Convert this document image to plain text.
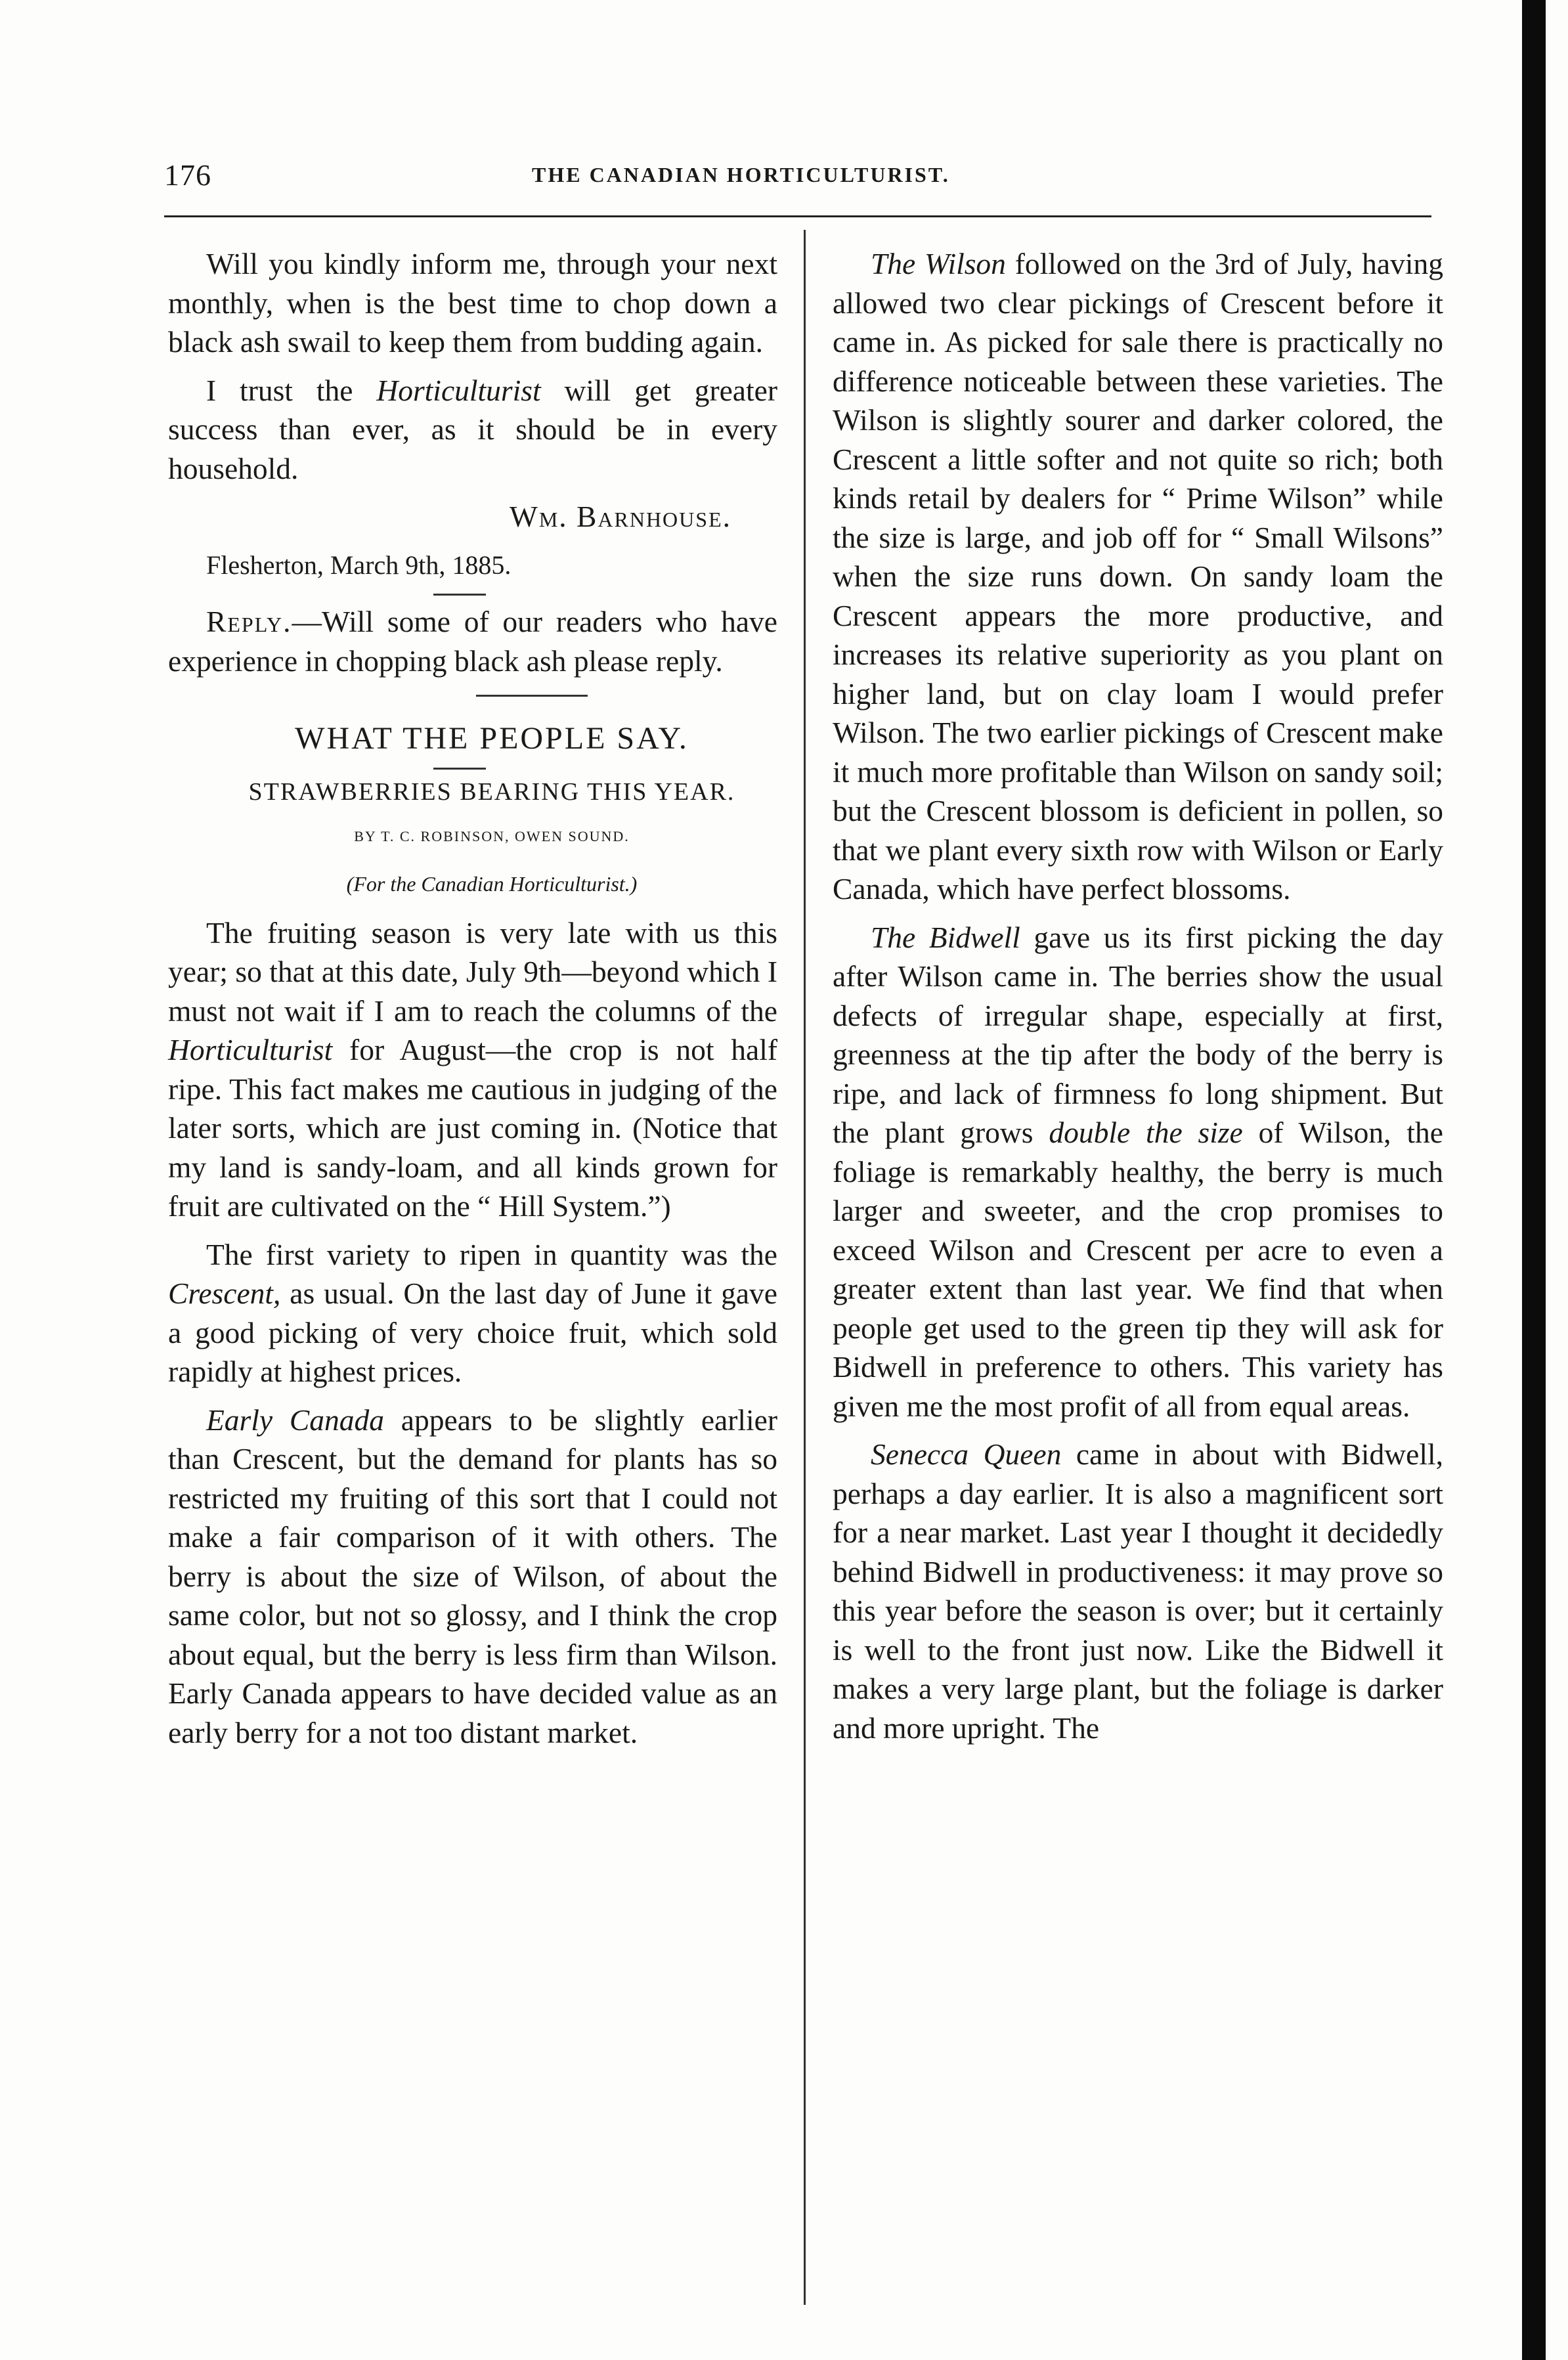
176	THE CANADIAN HORTICULTURIST.

Will you kindly inform me, through your next monthly, when is the best time to chop down a black ash swail to keep them from budding again.

I trust the Horticulturist will get greater success than ever, as it should be in every household.

Wm. Barnhouse.

Flesherton, March 9th, 1885.

Reply.—Will some of our readers who have experience in chopping black ash please reply.

WHAT THE PEOPLE SAY.

STRAWBERRIES BEARING THIS YEAR.

BY T. C. ROBINSON, OWEN SOUND.

(For the Canadian Horticulturist.)

The fruiting season is very late with us this year; so that at this date, July 9th—beyond which I must not wait if I am to reach the columns of the Horticulturist for August—the crop is not half ripe. This fact makes me cautious in judging of the later sorts, which are just coming in. (Notice that my land is sandy-loam, and all kinds grown for fruit are cultivated on the “ Hill System.”)

The first variety to ripen in quantity was the Crescent, as usual. On the last day of June it gave a good picking of very choice fruit, which sold rapidly at highest prices.

Early Canada appears to be slightly earlier than Crescent, but the demand for plants has so restricted my fruiting of this sort that I could not make a fair comparison of it with others. The berry is about the size of Wilson, of about the same color, but not so glossy, and I think the crop about equal, but the berry is less firm than Wilson. Early Canada appears to have decided value as an early berry for a not too distant market.

The Wilson followed on the 3rd of July, having allowed two clear pickings of Crescent before it came in. As picked for sale there is practically no difference noticeable between these varieties. The Wilson is slightly sourer and darker colored, the Crescent a little softer and not quite so rich; both kinds retail by dealers for “ Prime Wilson” while the size is large, and job off for “ Small Wilsons” when the size runs down. On sandy loam the Crescent appears the more productive, and increases its relative superiority as you plant on higher land, but on clay loam I would prefer Wilson. The two earlier pickings of Crescent make it much more profitable than Wilson on sandy soil; but the Crescent blossom is deficient in pollen, so that we plant every sixth row with Wilson or Early Canada, which have perfect blossoms.

The Bidwell gave us its first picking the day after Wilson came in. The berries show the usual defects of irregular shape, especially at first, greenness at the tip after the body of the berry is ripe, and lack of firmness fo long shipment. But the plant grows double the size of Wilson, the foliage is remarkably healthy, the berry is much larger and sweeter, and the crop promises to exceed Wilson and Crescent per acre to even a greater extent than last year. We find that when people get used to the green tip they will ask for Bidwell in preference to others. This variety has given me the most profit of all from equal areas.

Senecca Queen came in about with Bidwell, perhaps a day earlier. It is also a magnificent sort for a near market. Last year I thought it decidedly behind Bidwell in productiveness: it may prove so this year before the season is over; but it certainly is well to the front just now. Like the Bidwell it makes a very large plant, but the foliage is darker and more upright. The
